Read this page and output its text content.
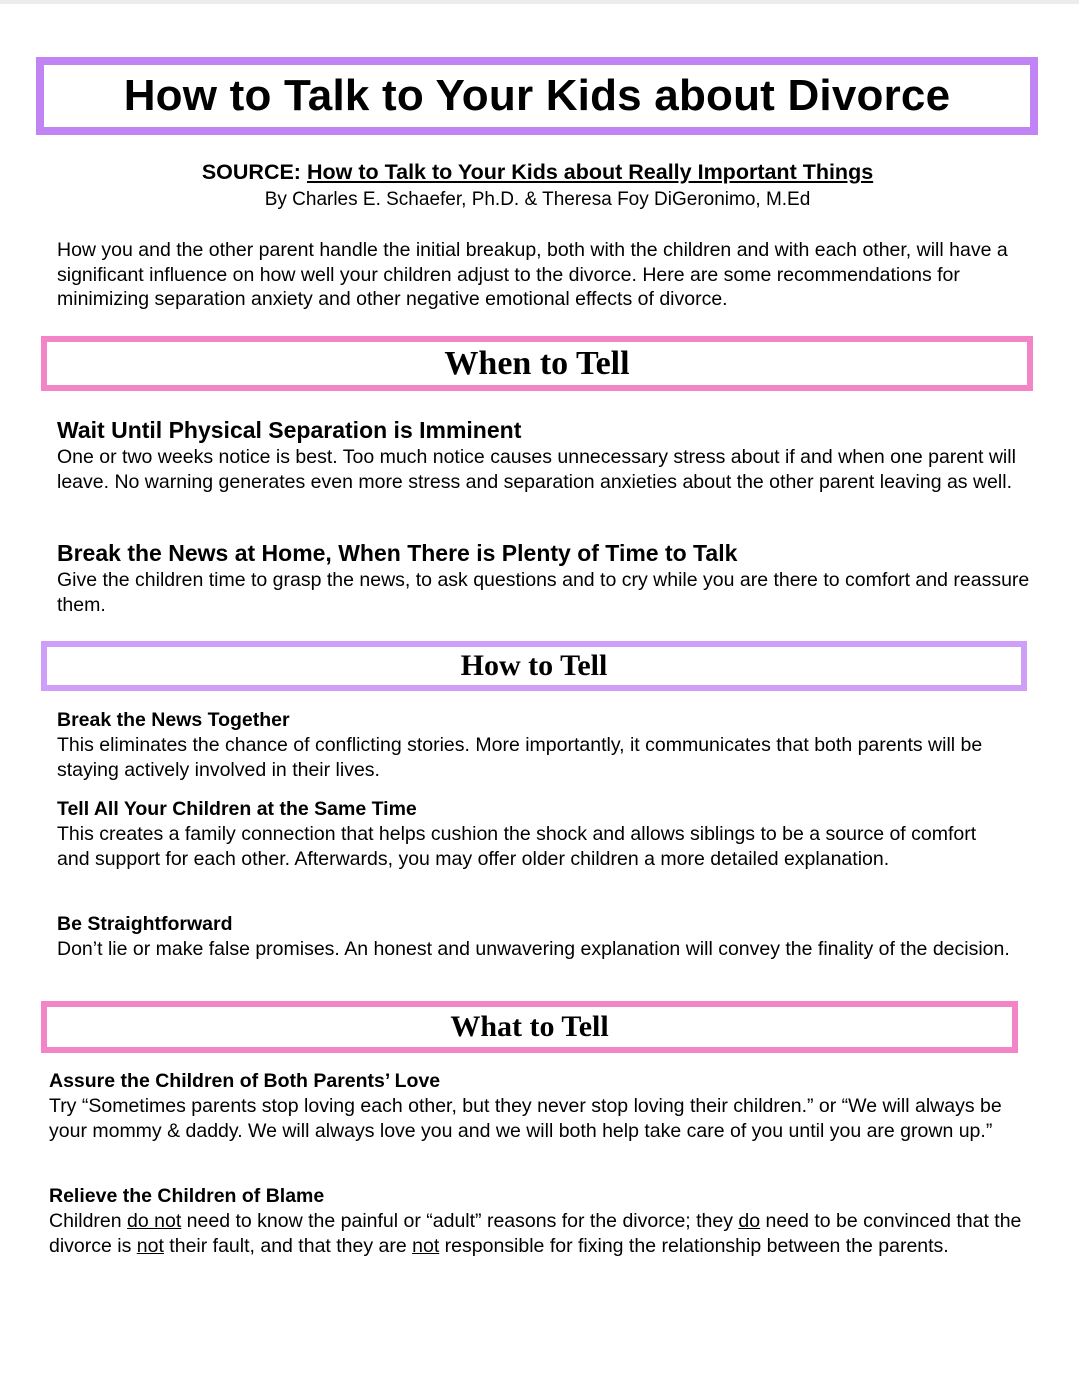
How to Talk to Your Kids about Divorce
SOURCE: How to Talk to Your Kids about Really Important Things
By Charles E. Schaefer, Ph.D. & Theresa Foy DiGeronimo, M.Ed

How you and the other parent handle the initial breakup, both with the children and with each other, will have a significant influence on how well your children adjust to the divorce. Here are some recommendations for minimizing separation anxiety and other negative emotional effects of divorce.

When to Tell
Wait Until Physical Separation is Imminent

One or two weeks notice is best. Too much notice causes unnecessary stress about if and when one parent will leave. No warning generates even more stress and separation anxieties about the other parent leaving as well.

Break the News at Home, When There is Plenty of Time to Talk

Give the children time to grasp the news, to ask questions and to cry while you are there to comfort and reassure them.

How to Tell
Break the News Together

This eliminates the chance of conflicting stories. More importantly, it communicates that both parents will be staying actively involved in their lives.

Tell All Your Children at the Same Time

This creates a family connection that helps cushion the shock and allows siblings to be a source of comfort and support for each other. Afterwards, you may offer older children a more detailed explanation.

Be Straightforward

Don’t lie or make false promises. An honest and unwavering explanation will convey the finality of the decision.

What to Tell
Assure the Children of Both Parents’ Love

Try “Sometimes parents stop loving each other, but they never stop loving their children.” or “We will always be your mommy & daddy. We will always love you and we will both help take care of you until you are grown up.”

Relieve the Children of Blame

Children do not need to know the painful or “adult” reasons for the divorce; they do need to be convinced that the divorce is not their fault, and that they are not responsible for fixing the relationship between the parents.
